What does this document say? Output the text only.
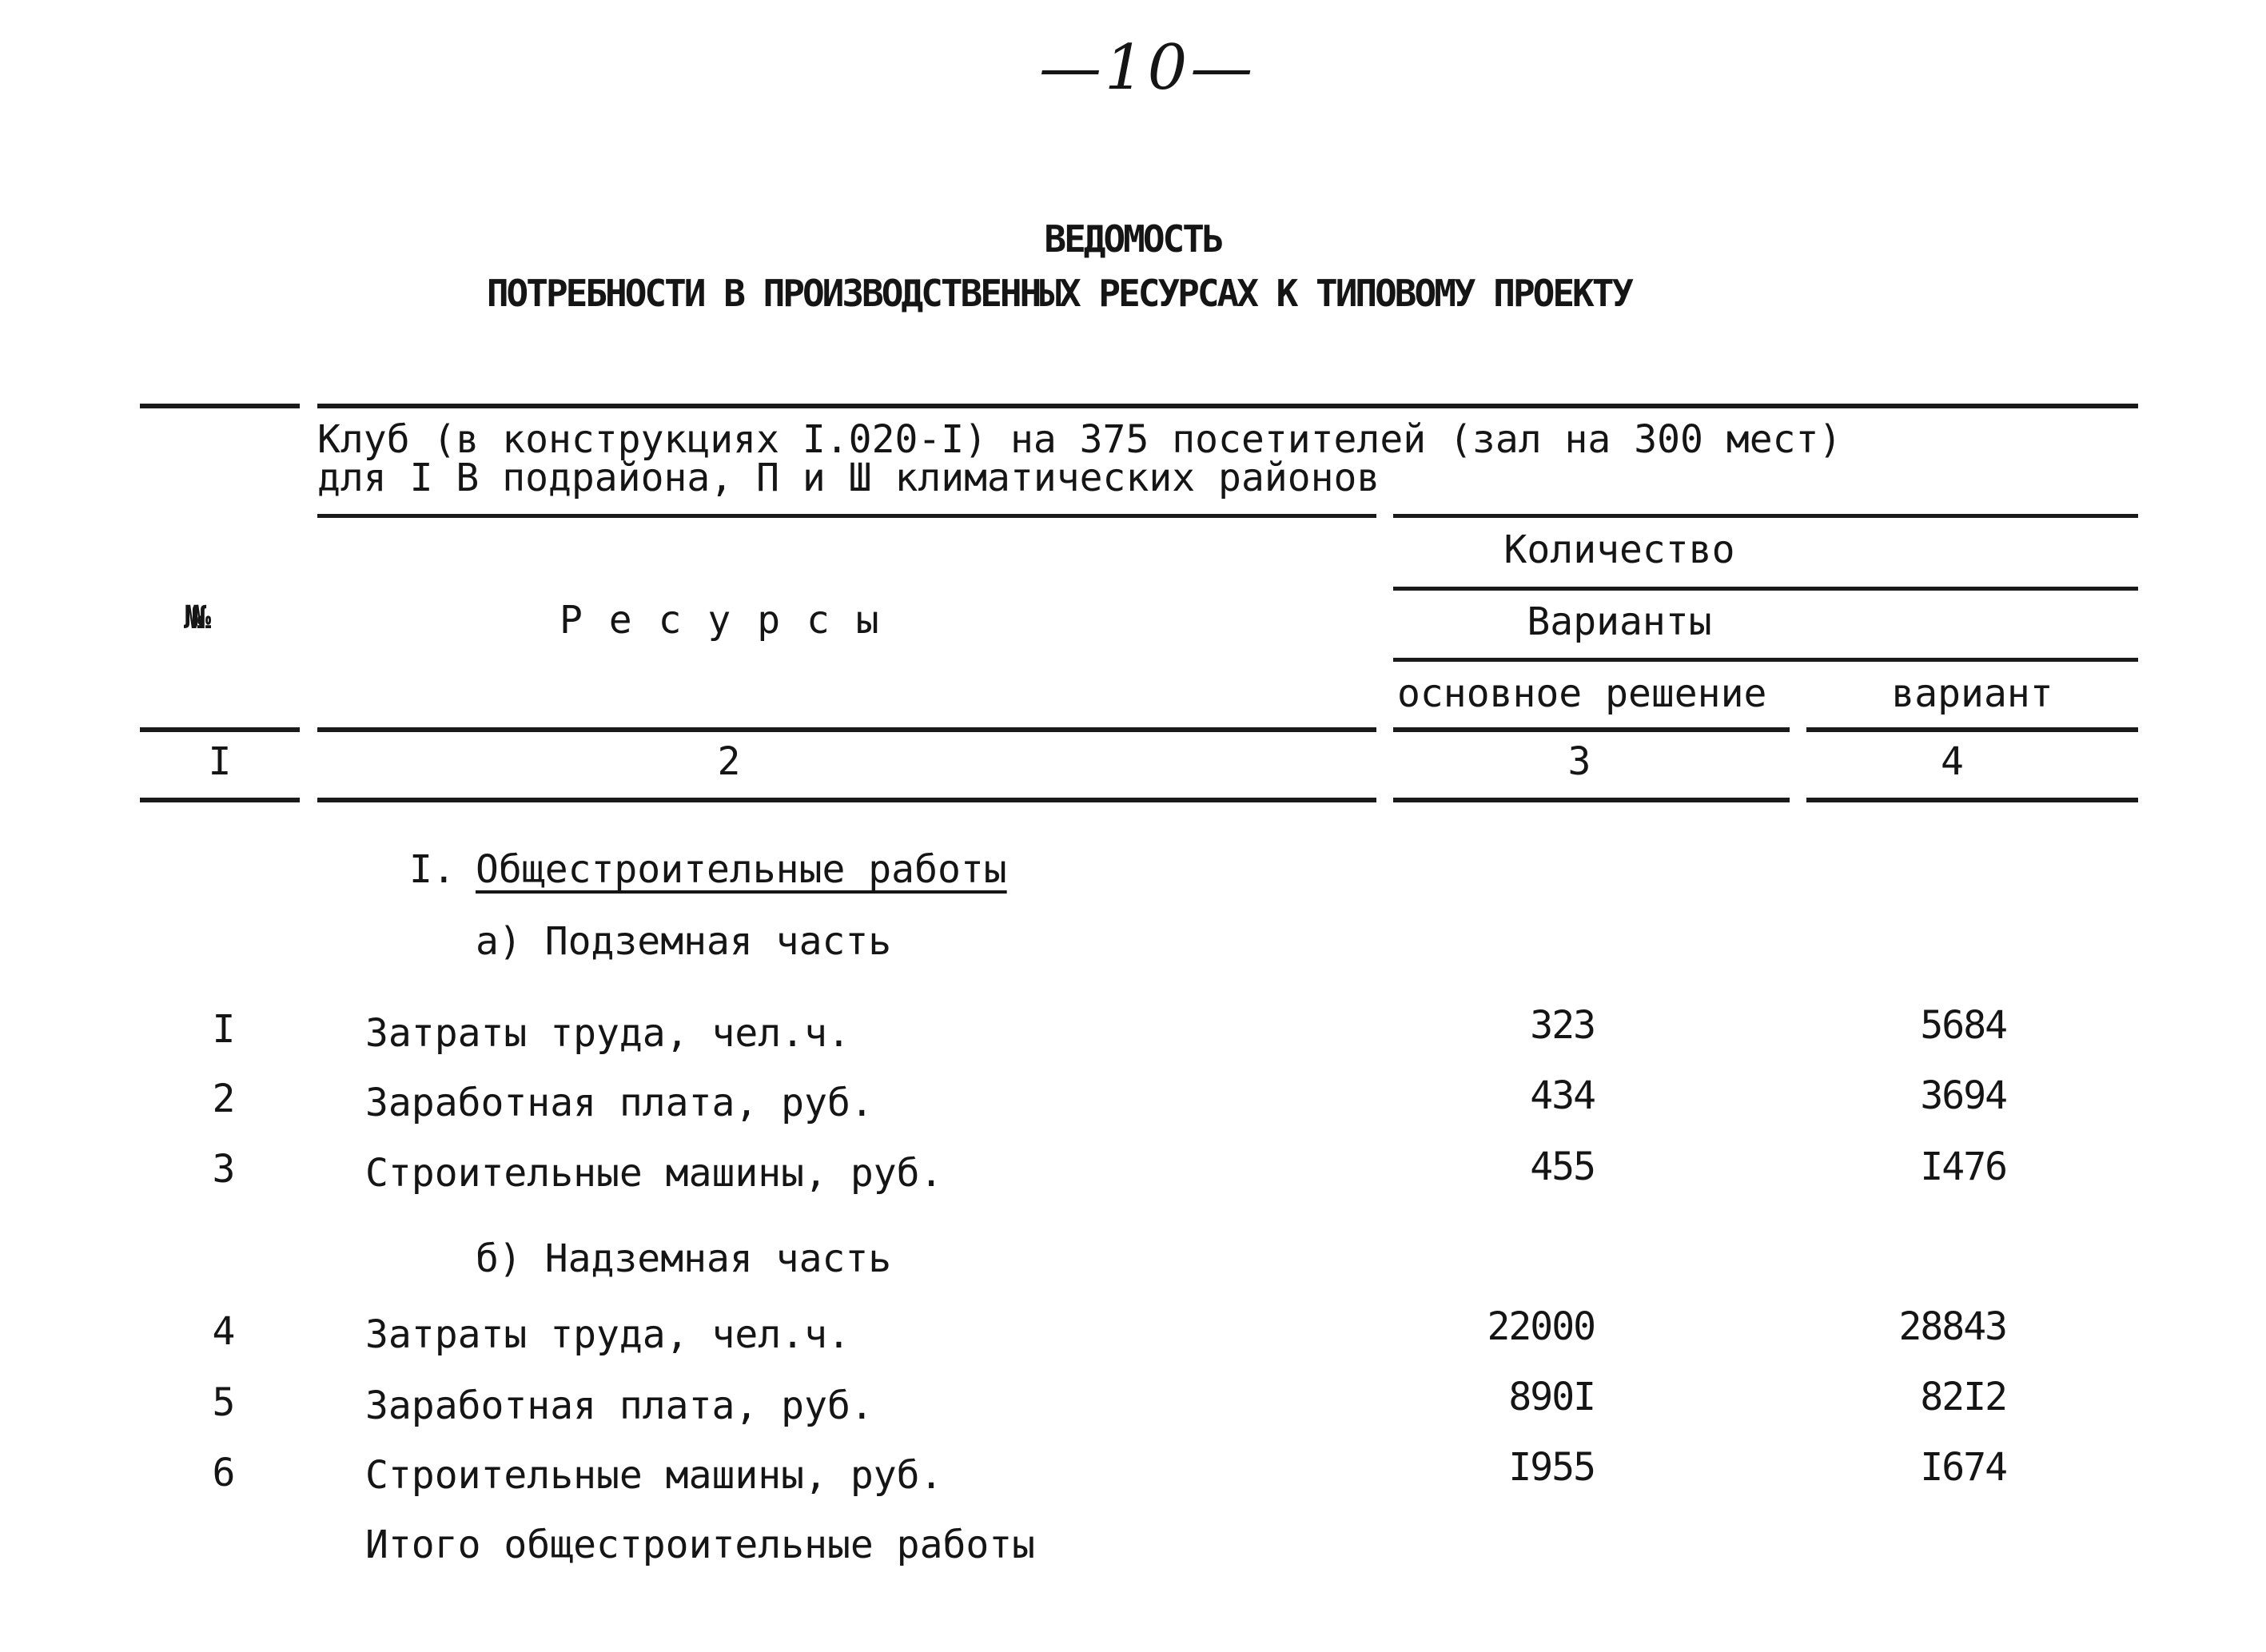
—10—
ВЕДОМОСТЬ
ПОТРЕБНОСТИ В ПРОИЗВОДСТВЕННЫХ РЕСУРСАХ К ТИПОВОМУ ПРОЕКТУ
Клуб (в конструкциях I.020-I) на 375 посетителей (зал на 300 мест)
для I В подрайона, П и Ш климатических районов
Количество
№№	Р е с у р с ы	Варианты
основное решение	вариант
I	2	3	4
I. Общестроительные работы
а) Подземная часть
I	Затраты труда, чел.ч.	323	5684
2	Заработная плата, руб.	434	3694
3	Строительные машины, руб.	455	I476
б) Надземная часть
4	Затраты труда, чел.ч.	22000	28843
5	Заработная плата, руб.	890I	82I2
6	Строительные машины, руб.	I955	I674
Итого общестроительные работы
